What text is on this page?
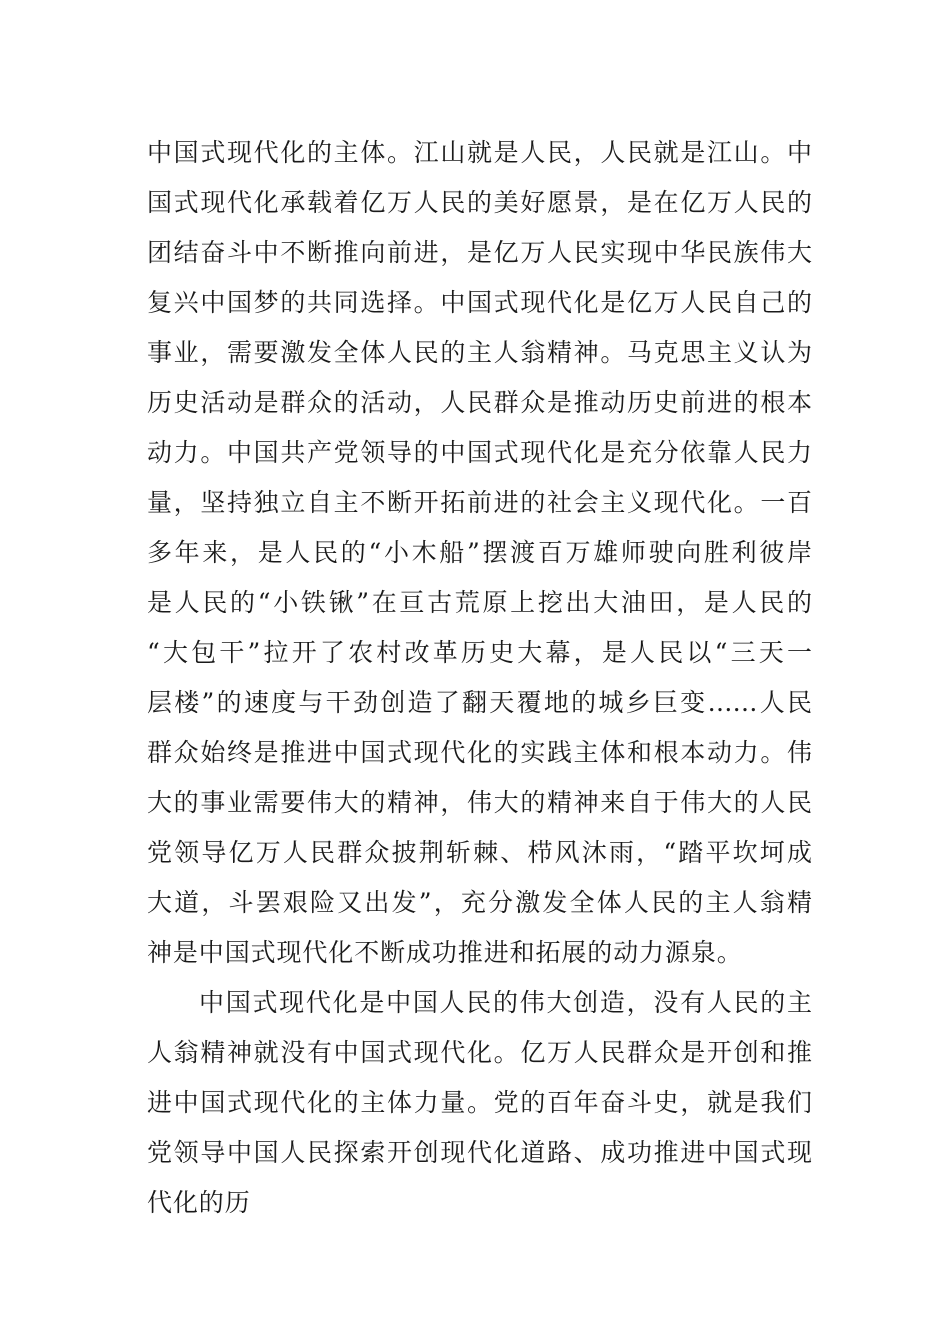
中国式现代化的主体。江山就是人民，人民就是江山。中
国式现代化承载着亿万人民的美好愿景，是在亿万人民的
团结奋斗中不断推向前进，是亿万人民实现中华民族伟大
复兴中国梦的共同选择。中国式现代化是亿万人民自己的
事业，需要激发全体人民的主人翁精神。马克思主义认为
历史活动是群众的活动，人民群众是推动历史前进的根本
动力。中国共产党领导的中国式现代化是充分依靠人民力
量，坚持独立自主不断开拓前进的社会主义现代化。一百
多年来，是人民的“小木船”摆渡百万雄师驶向胜利彼岸
是人民的“小铁锹”在亘古荒原上挖出大油田，是人民的
“大包干”拉开了农村改革历史大幕，是人民以“三天一
层楼”的速度与干劲创造了翻天覆地的城乡巨变……人民
群众始终是推进中国式现代化的实践主体和根本动力。伟
大的事业需要伟大的精神，伟大的精神来自于伟大的人民
党领导亿万人民群众披荆斩棘、栉风沐雨，“踏平坎坷成
大道，斗罢艰险又出发”，充分激发全体人民的主人翁精
神是中国式现代化不断成功推进和拓展的动力源泉。
中国式现代化是中国人民的伟大创造，没有人民的主
人翁精神就没有中国式现代化。亿万人民群众是开创和推
进中国式现代化的主体力量。党的百年奋斗史，就是我们
党领导中国人民探索开创现代化道路、成功推进中国式现
代化的历
